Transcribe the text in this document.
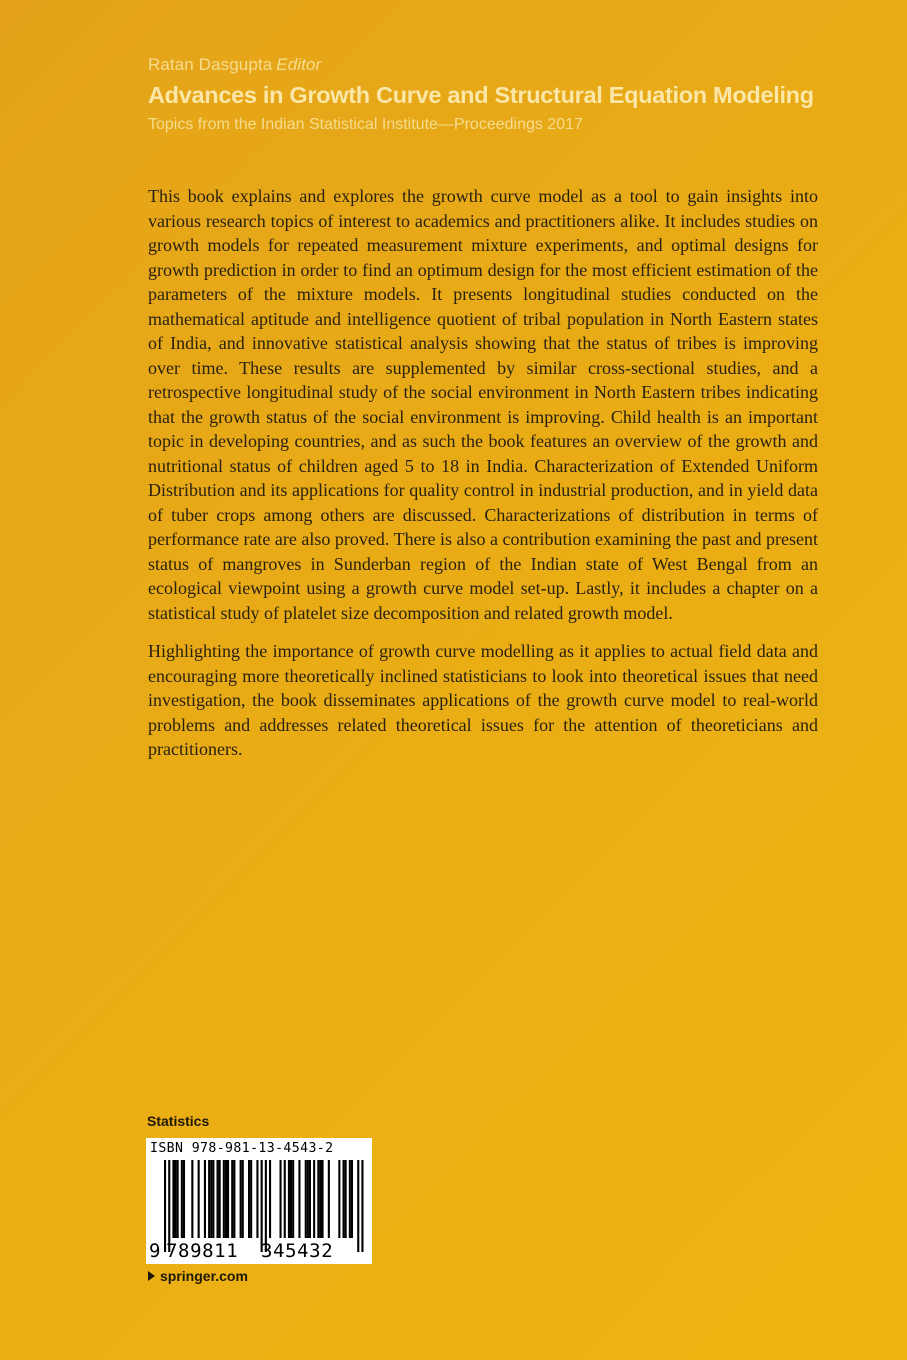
Ratan Dasgupta Editor
Advances in Growth Curve and Structural Equation Modeling
Topics from the Indian Statistical Institute—Proceedings 2017

This book explains and explores the growth curve model as a tool to gain insights into various research topics of interest to academics and practitioners alike. It includes studies on growth models for repeated measurement mixture experiments, and optimal designs for growth prediction in order to find an optimum design for the most efficient estimation of the parameters of the mixture models. It presents longitudinal studies conducted on the mathematical aptitude and intelligence quotient of tribal population in North Eastern states of India, and innovative statistical analysis showing that the status of tribes is improving over time. These results are supplemented by similar cross-sectional studies, and a retrospective longitudinal study of the social environment in North Eastern tribes indicating that the growth status of the social environment is improving. Child health is an important topic in developing countries, and as such the book features an overview of the growth and nutritional status of children aged 5 to 18 in India. Characterization of Extended Uniform Distribution and its applications for quality control in industrial production, and in yield data of tuber crops among others are discussed. Characterizations of distribution in terms of performance rate are also proved. There is also a contribution examining the past and present status of mangroves in Sunderban region of the Indian state of West Bengal from an ecological viewpoint using a growth curve model set-up. Lastly, it includes a chapter on a statistical study of platelet size decomposition and related growth model.

Highlighting the importance of growth curve modelling as it applies to actual field data and encouraging more theoretically inclined statisticians to look into theoretical issues that need investigation, the book disseminates applications of the growth curve model to real-world problems and addresses related theoretical issues for the attention of theoreticians and practitioners.

Statistics
ISBN 978-981-13-4543-2
9 789811 345432
springer.com
